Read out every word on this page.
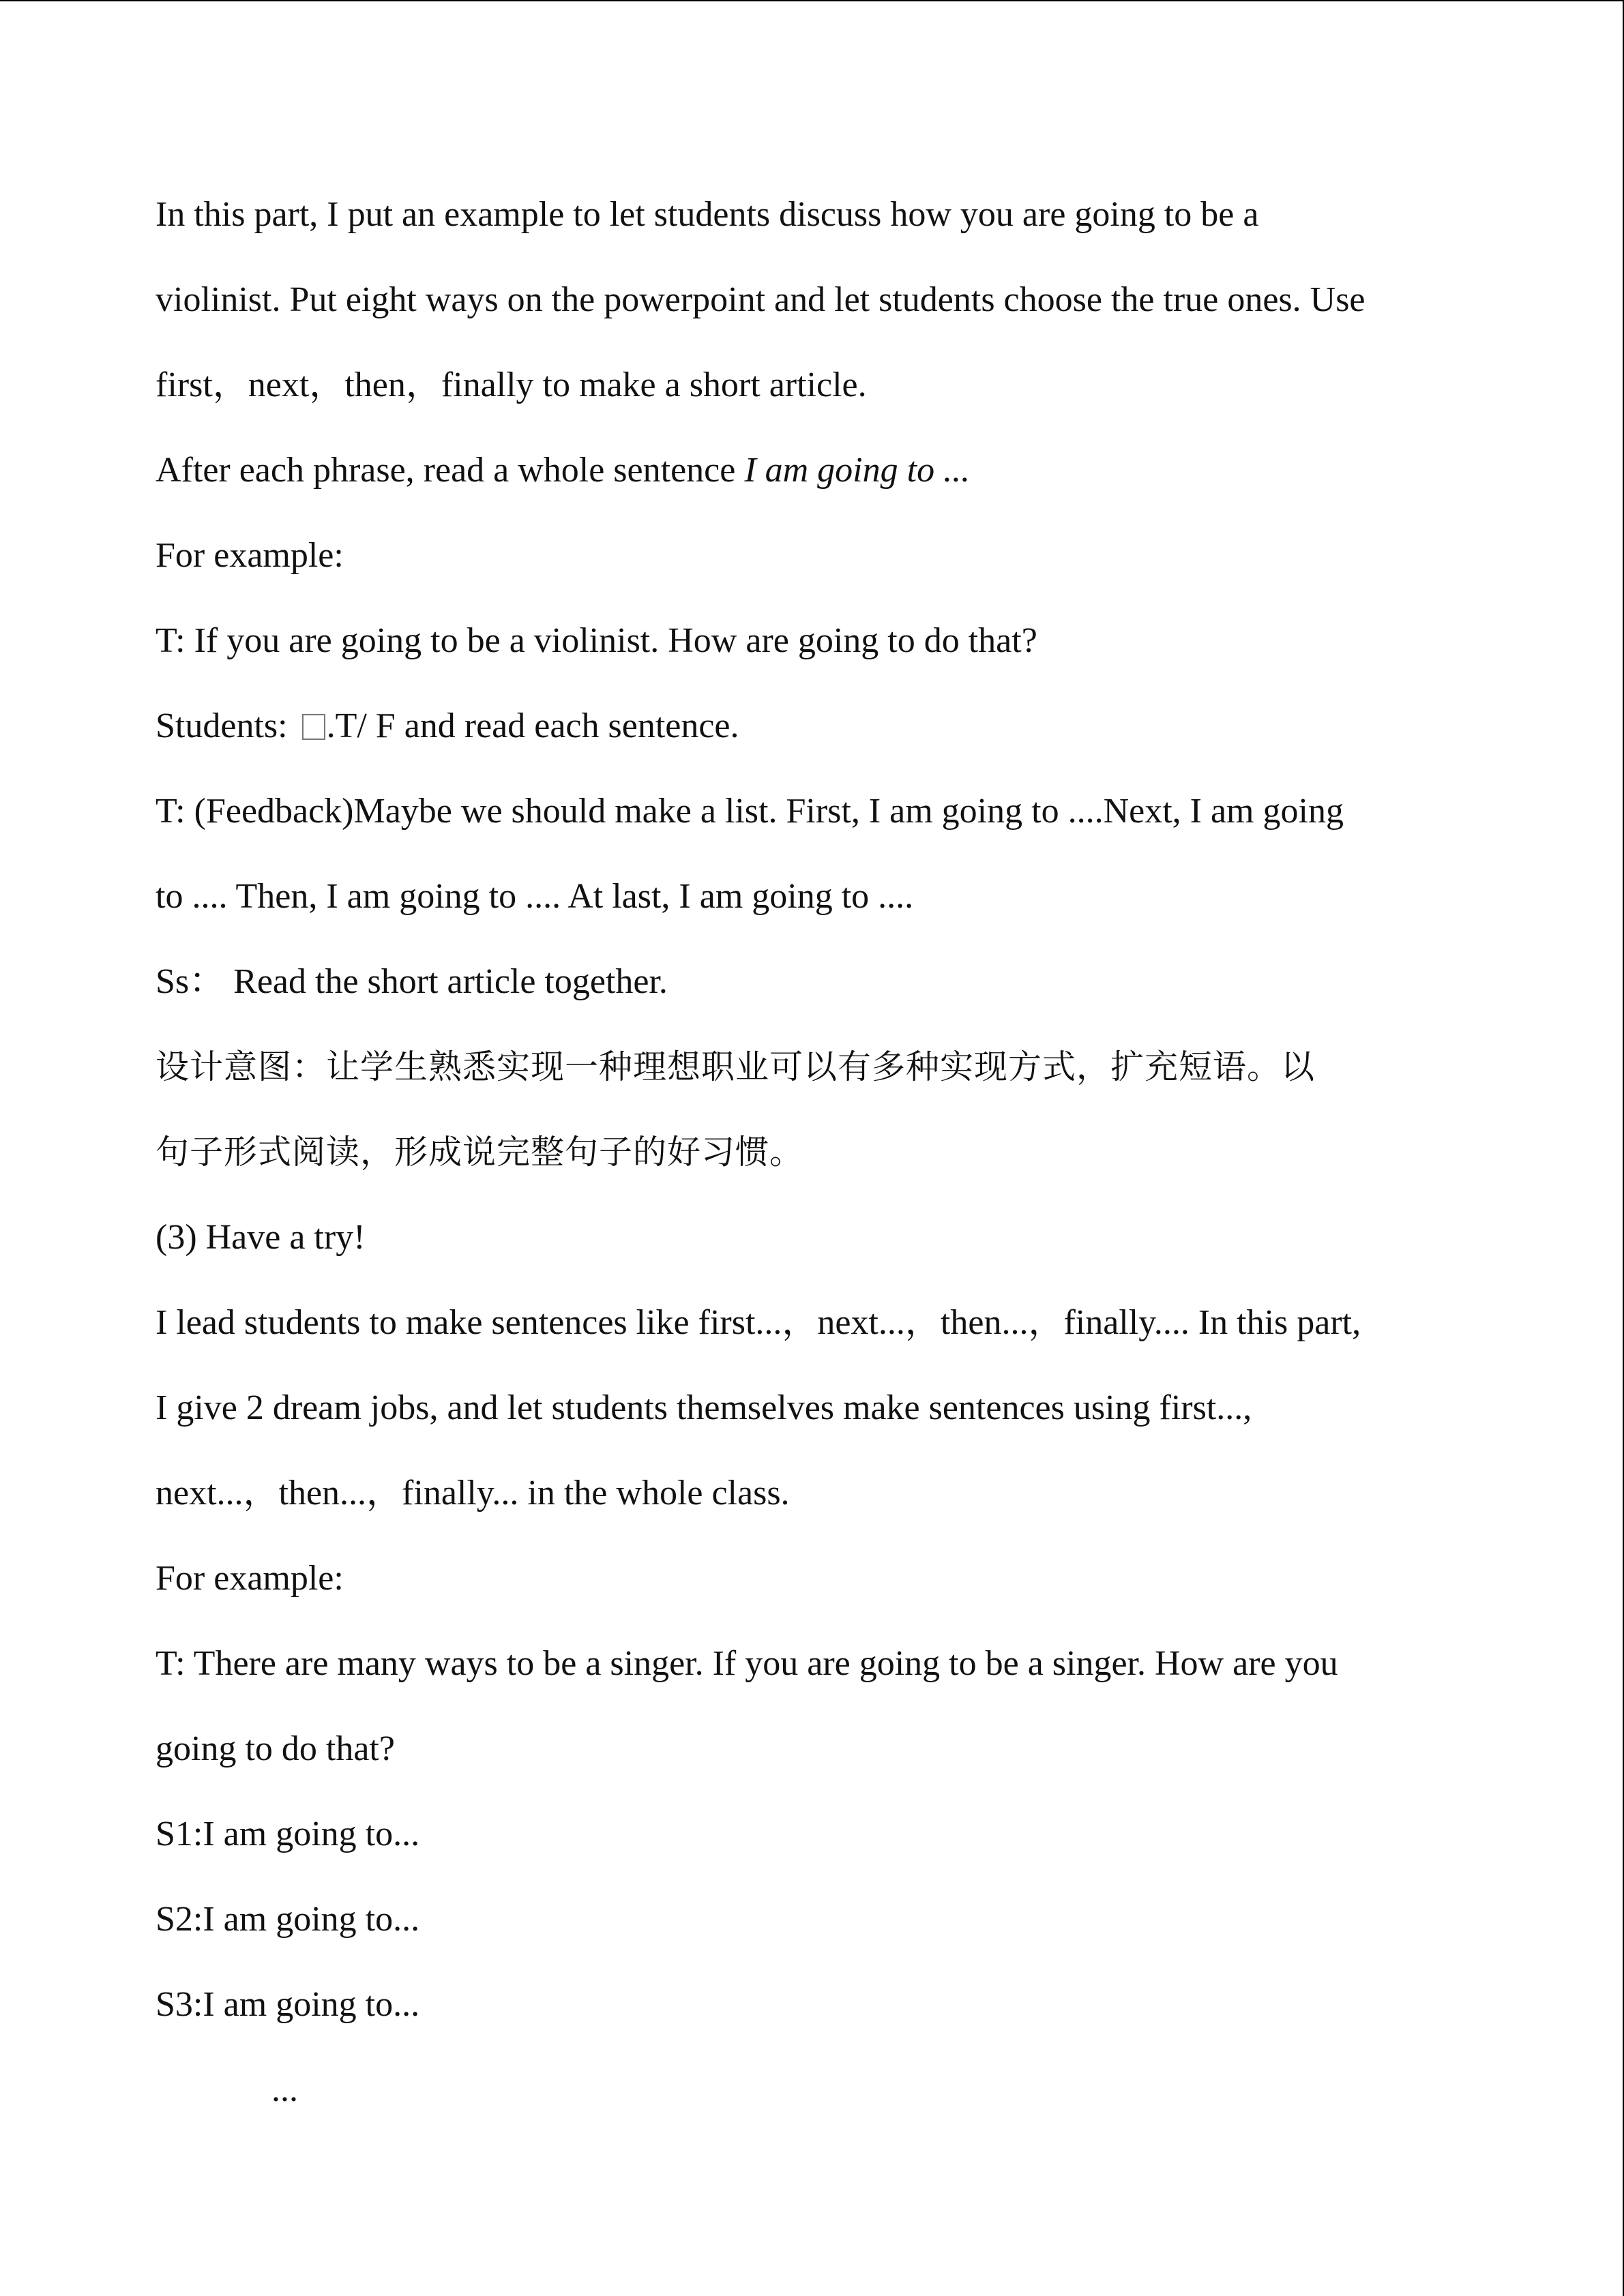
In this part, I put an example to let students discuss how you are going to be a
violinist. Put eight ways on the powerpoint and let students choose the true ones. Use
first，next，then，finally to make a short article.
After each phrase, read a whole sentence I am going to ...
For example:
T: If you are going to be a violinist. How are going to do that?
Students: .T/ F and read each sentence.
T: (Feedback)Maybe we should make a list. First, I am going to ....Next, I am going
to .... Then, I am going to .... At last, I am going to ....
Ss： Read the short article together.
设计意图：让学生熟悉实现一种理想职业可以有多种实现方式，扩充短语。以
句子形式阅读，形成说完整句子的好习惯。
(3) Have a try!
I lead students to make sentences like first...，next...，then...，finally.... In this part,
I give 2 dream jobs, and let students themselves make sentences using first...,
next...，then...，finally... in the whole class.
For example:
T: There are many ways to be a singer. If you are going to be a singer. How are you
going to do that?
S1:I am going to...
S2:I am going to...
S3:I am going to...
...
